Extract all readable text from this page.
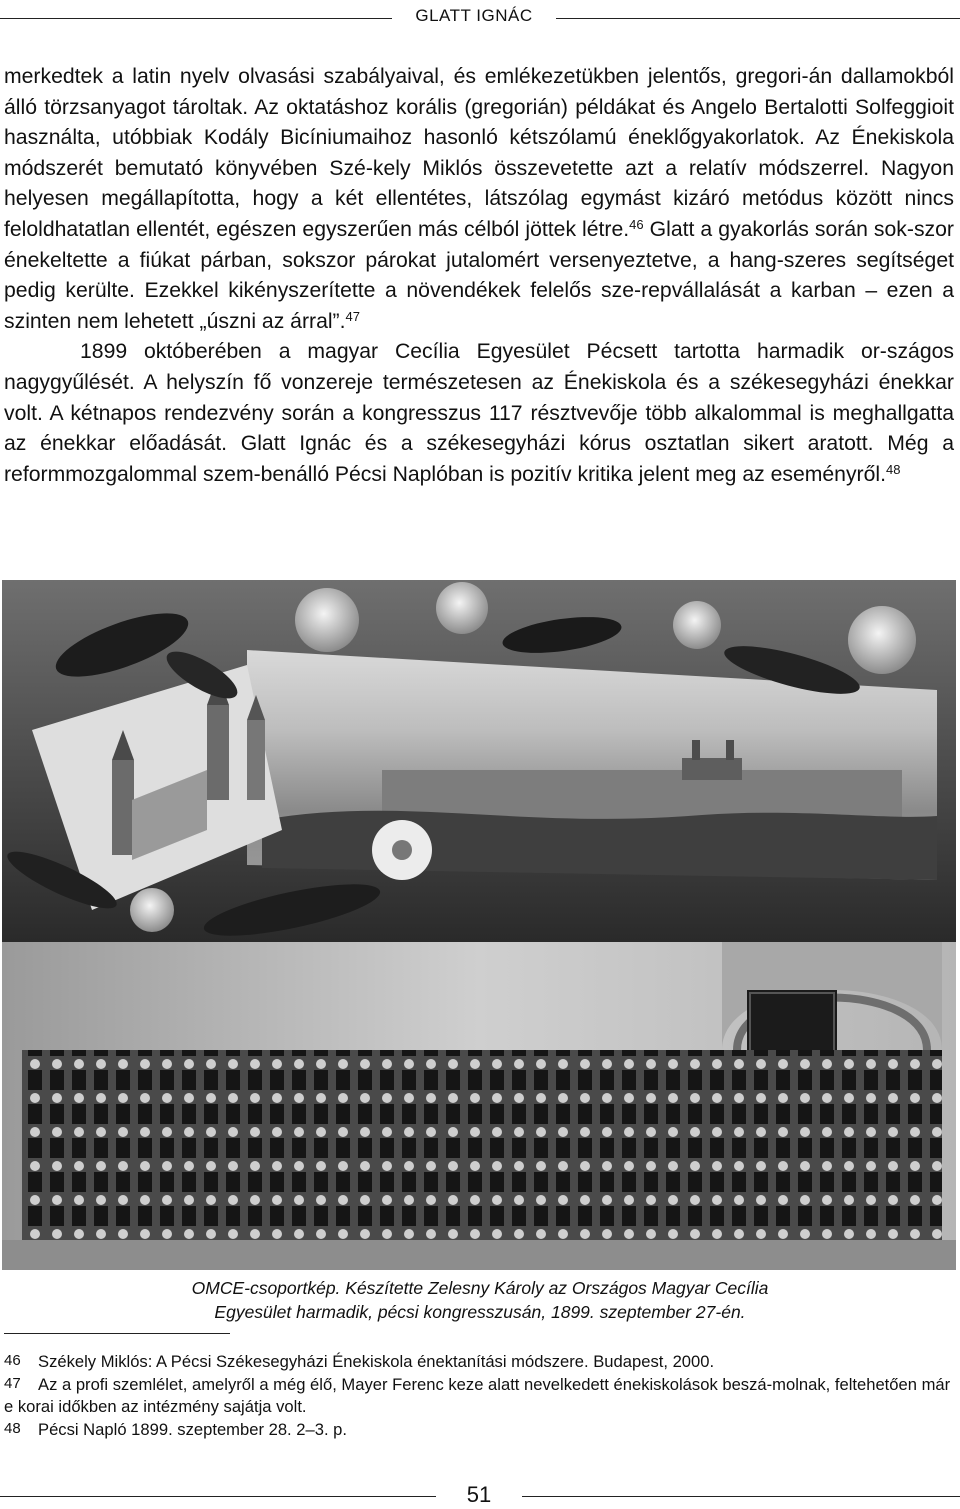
GLATT IGNÁC

merkedtek a latin nyelv olvasási szabályaival, és emlékezetükben jelentős, gregori-án dallamokból álló törzsanyagot tároltak. Az oktatáshoz korális (gregorián) példákat és Angelo Bertalotti Solfeggioit használta, utóbbiak Kodály Bicíniumaihoz hasonló kétszólamú éneklőgyakorlatok. Az Énekiskola módszerét bemutató könyvében Szé-kely Miklós összevetette azt a relatív módszerrel. Nagyon helyesen megállapította, hogy a két ellentétes, látszólag egymást kizáró metódus között nincs feloldhatatlan ellentét, egészen egyszerűen más célból jöttek létre.$^{46}$ Glatt a gyakorlás során sok-szor énekeltette a fiúkat párban, sokszor párokat jutalomért versenyeztetve, a hang-szeres segítséget pedig kerülte. Ezekkel kikényszerítette a növendékek felelős sze-repvállalását a karban – ezen a szinten nem lehetett „úszni az árral”.$^{47}$

1899 októberében a magyar Cecília Egyesület Pécsett tartotta harmadik or-szágos nagygyűlését. A helyszín fő vonzereje természetesen az Énekiskola és a székesegyházi énekkar volt. A kétnapos rendezvény során a kongresszus 117 résztvevője több alkalommal is meghallgatta az énekkar előadását. Glatt Ignác és a székesegyházi kórus osztatlan sikert aratott. Még a reformmozgalommal szem-benálló Pécsi Naplóban is pozitív kritika jelent meg az eseményről.$^{48}$

OMCE-csoportkép. Készítette Zelesny Károly az Országos Magyar Cecília
Egyesület harmadik, pécsi kongresszusán, 1899. szeptember 27-én.

46 Székely Miklós: A Pécsi Székesegyházi Énekiskola énektanítási módszere. Budapest, 2000.

47 Az a profi szemlélet, amelyről a még élő, Mayer Ferenc keze alatt nevelkedett énekiskolások beszá-molnak, feltehetően már e korai időkben az intézmény sajátja volt.

48 Pécsi Napló 1899. szeptember 28. 2–3. p.

51
